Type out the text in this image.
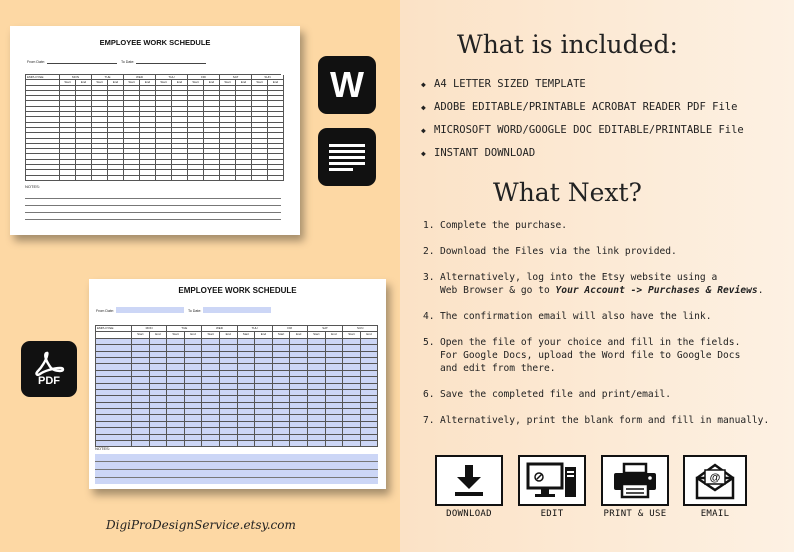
EMPLOYEE WORK SCHEDULE
From Date:	To Date:
EMPLOYEE	MON	TUE	WED	THU	FRI	SAT	SUN
Start	End	Start	End	Start	End	Start	End	Start	End	Start	End	Start	End
NOTES:
EMPLOYEE WORK SCHEDULE
From Date:	To Date:
EMPLOYEE	MON	TUE	WED	THU	FRI	SAT	SUN
Start	End	Start	End	Start	End	Start	End	Start	End	Start	End	Start	End
NOTES:
W
PDF
DigiProDesignService.etsy.com
What is included:
◆ A4 LETTER SIZED TEMPLATE
◆ ADOBE EDITABLE/PRINTABLE ACROBAT READER PDF File
◆ MICROSOFT WORD/GOOGLE DOC EDITABLE/PRINTABLE File
◆ INSTANT DOWNLOAD
What Next?
1. Complete the purchase.
2. Download the Files via the link provided.
3. Alternatively, log into the Etsy website using a
Web Browser & go to Your Account -> Purchases & Reviews.
4. The confirmation email will also have the link.
5. Open the file of your choice and fill in the fields.
For Google Docs, upload the Word file to Google Docs
and edit from there.
6. Save the completed file and print/email.
7. Alternatively, print the blank form and fill in manually.
DOWNLOAD	EDIT	PRINT & USE
@
EMAIL
